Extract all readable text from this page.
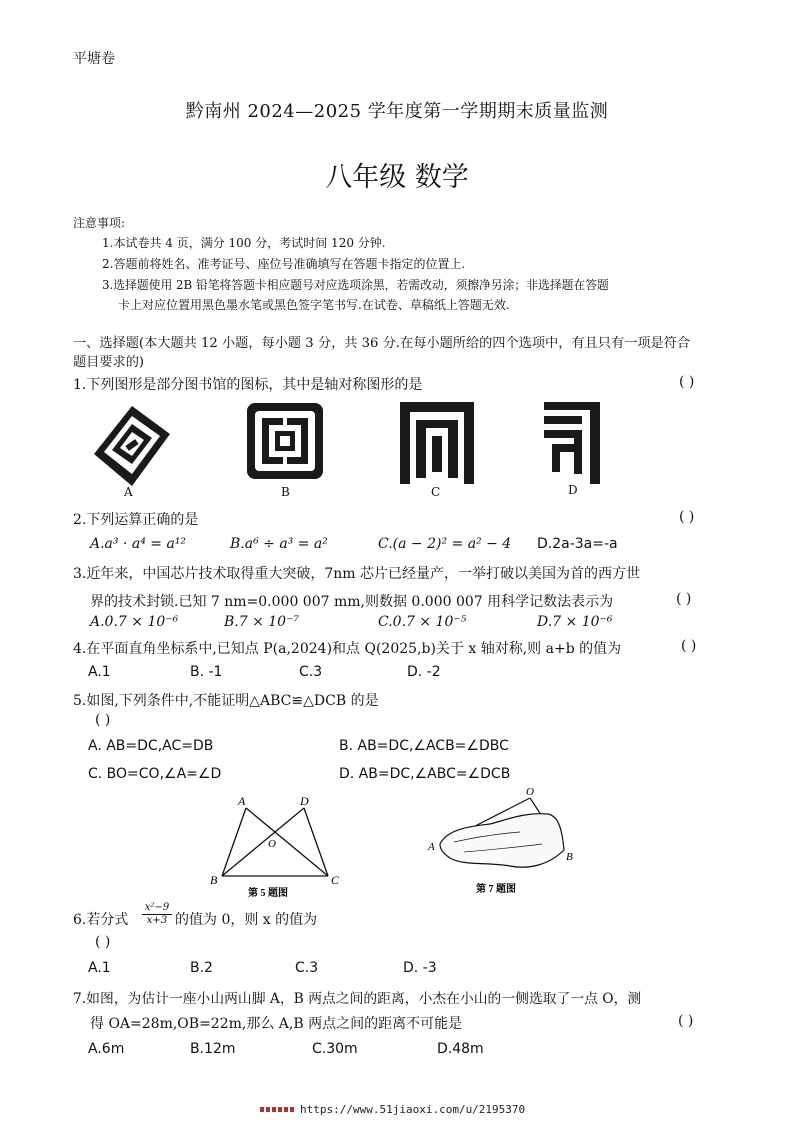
平塘卷
黔南州 2024—2025 学年度第一学期期末质量监测
八年级 数学
注意事项:
1.本试卷共 4 页，满分 100 分，考试时间 120 分钟.
2.答题前将姓名、准考证号、座位号准确填写在答题卡指定的位置上.
3.选择题使用 2B 铅笔将答题卡相应题号对应选项涂黑，若需改动，须擦净另涂；非选择题在答题
卡上对应位置用黑色墨水笔或黑色签字笔书写.在试卷、草稿纸上答题无效.
一、选择题(本大题共 12 小题，每小题 3 分，共 36 分.在每小题所给的四个选项中，有且只有一项是符合
题目要求的)
1.下列图形是部分图书馆的图标，其中是轴对称图形的是	( )
A	B	C	D
2.下列运算正确的是	( )
A.a³ · a⁴ = a¹²	B.a⁶ ÷ a³ = a²	C.(a − 2)² = a² − 4 D.2a-3a=-a
3.近年来，中国芯片技术取得重大突破，7nm 芯片已经量产，一举打破以美国为首的西方世
界的技术封锁.已知 7 nm=0.000 007 mm,则数据 0.000 007 用科学记数法表示为	( )
A.0.7 × 10⁻⁶	B.7 × 10⁻⁷	C.0.7 × 10⁻⁵	D.7 × 10⁻⁶
4.在平面直角坐标系中,已知点 P(a,2024)和点 Q(2025,b)关于 x 轴对称,则 a+b 的值为	( )
A.1	B. -1	C.3	D. -2
5.如图,下列条件中,不能证明△ABC≌△DCB 的是
( )
A. AB=DC,AC=DB	B. AB=DC,∠ACB=∠DBC
C. BO=CO,∠A=∠D	D. AB=DC,∠ABC=∠DCB
A	D
O
B	C
第 5 题图
O
A
B
第 7 题图
6.若分式
x²−9
x+3 的值为 0，则 x 的值为
( )
A.1	B.2	C.3	D. -3
7.如图，为估计一座小山两山脚 A，B 两点之间的距离，小杰在小山的一侧选取了一点 O，测
得 OA=28m,OB=22m,那么 A,B 两点之间的距离不可能是	( )
A.6m	B.12m	C.30m	D.48m
https://www.51jiaoxi.com/u/2195370
